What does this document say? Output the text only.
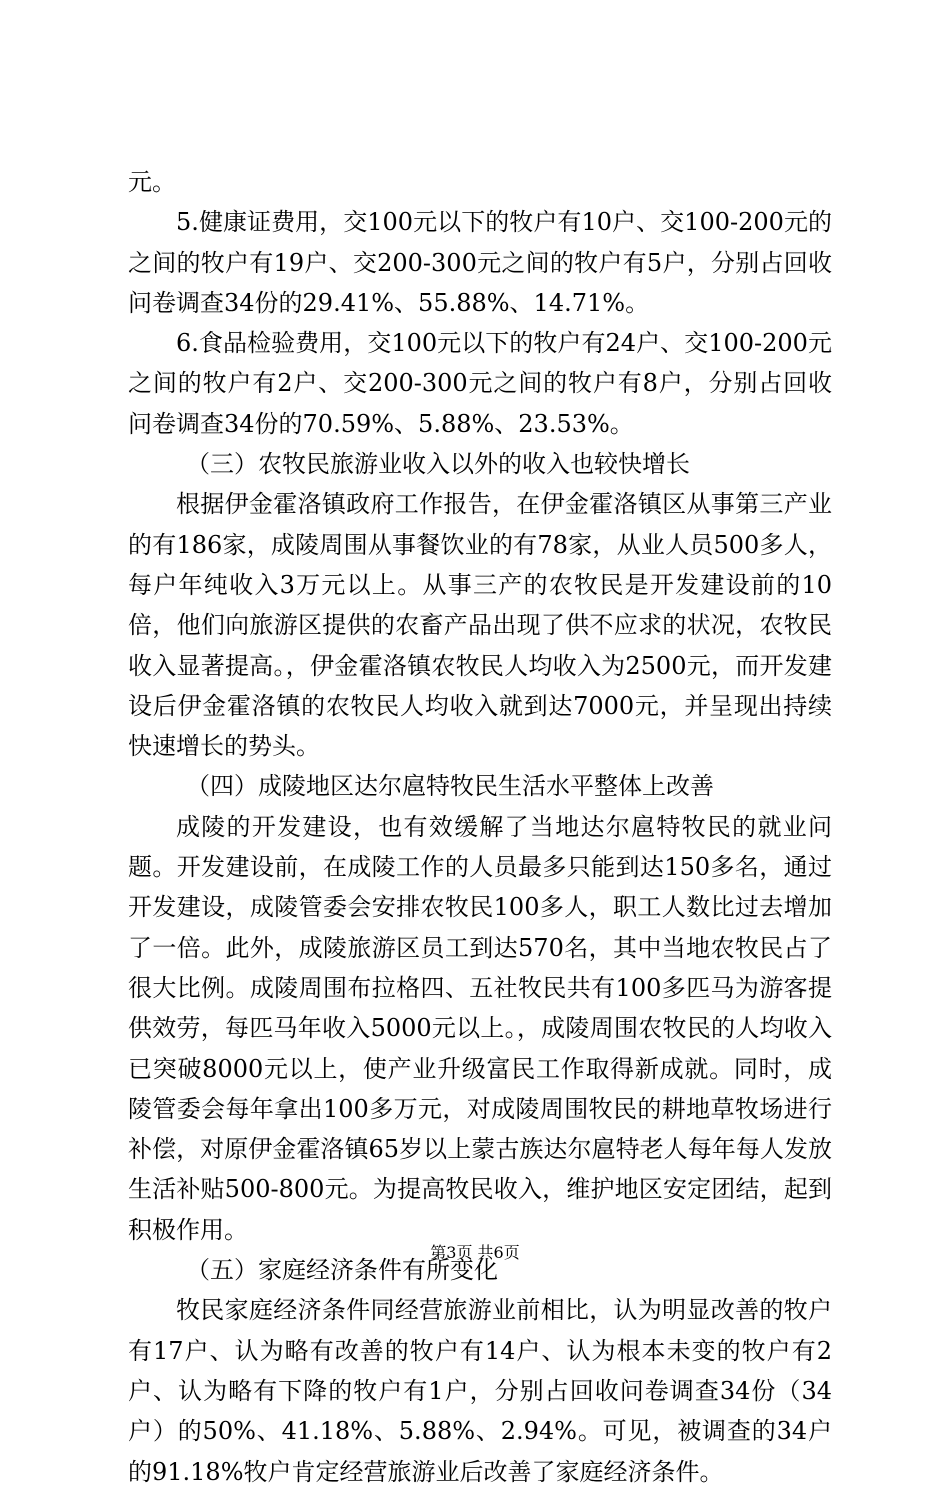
元。

5.健康证费用，交100元以下的牧户有10户、交100-200元的之间的牧户有19户、交200-300元之间的牧户有5户，分别占回收问卷调查34份的29.41%、55.88%、14.71%。

6.食品检验费用，交100元以下的牧户有24户、交100-200元之间的牧户有2户、交200-300元之间的牧户有8户，分别占回收问卷调查34份的70.59%、5.88%、23.53%。

（三）农牧民旅游业收入以外的收入也较快增长

根据伊金霍洛镇政府工作报告，在伊金霍洛镇区从事第三产业的有186家，成陵周围从事餐饮业的有78家，从业人员500多人，每户年纯收入3万元以上。从事三产的农牧民是开发建设前的10倍，他们向旅游区提供的农畜产品出现了供不应求的状况，农牧民收入显著提高。，伊金霍洛镇农牧民人均收入为2500元，而开发建设后伊金霍洛镇的农牧民人均收入就到达7000元，并呈现出持续快速增长的势头。

（四）成陵地区达尔扈特牧民生活水平整体上改善

成陵的开发建设，也有效缓解了当地达尔扈特牧民的就业问题。开发建设前，在成陵工作的人员最多只能到达150多名，通过开发建设，成陵管委会安排农牧民100多人，职工人数比过去增加了一倍。此外，成陵旅游区员工到达570名，其中当地农牧民占了很大比例。成陵周围布拉格四、五社牧民共有100多匹马为游客提供效劳，每匹马年收入5000元以上。，成陵周围农牧民的人均收入已突破8000元以上，使产业升级富民工作取得新成就。同时，成陵管委会每年拿出100多万元，对成陵周围牧民的耕地草牧场进行补偿，对原伊金霍洛镇65岁以上蒙古族达尔扈特老人每年每人发放生活补贴500-800元。为提高牧民收入，维护地区安定团结，起到积极作用。

（五）家庭经济条件有所变化

牧民家庭经济条件同经营旅游业前相比，认为明显改善的牧户有17户、认为略有改善的牧户有14户、认为根本未变的牧户有2户、认为略有下降的牧户有1户，分别占回收问卷调查34份（34户）的50%、41.18%、5.88%、2.94%。可见，被调查的34户的91.18%牧户肯定经营旅游业后改善了家庭经济条件。

第3页 共6页
